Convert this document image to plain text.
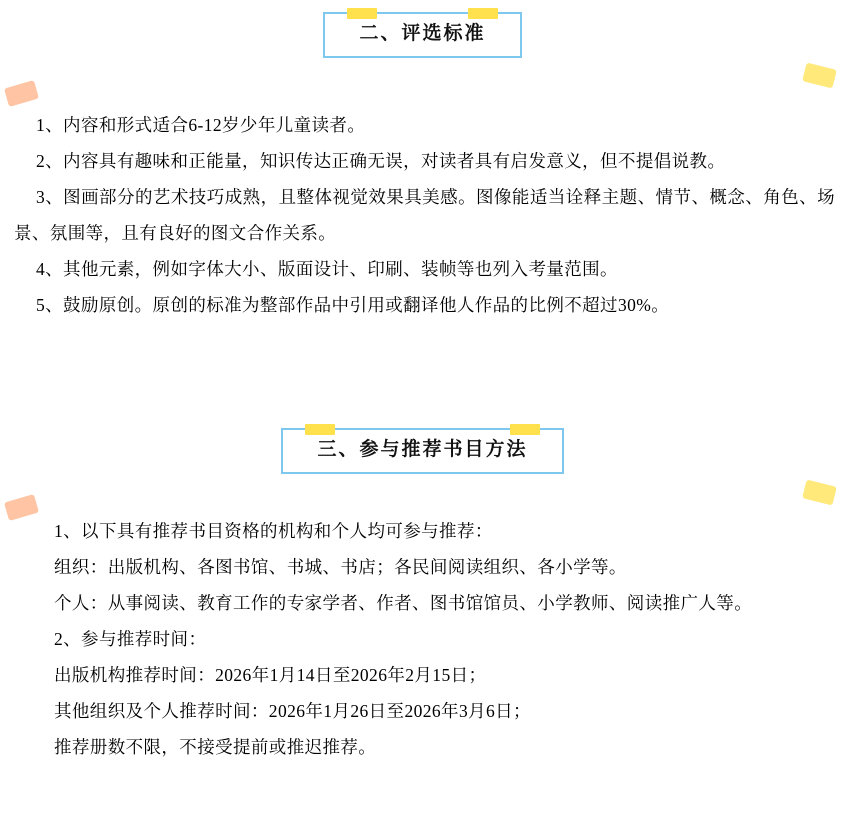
二、评选标准

1、内容和形式适合6-12岁少年儿童读者。

2、内容具有趣味和正能量，知识传达正确无误，对读者具有启发意义，但不提倡说教。

3、图画部分的艺术技巧成熟，且整体视觉效果具美感。图像能适当诠释主题、情节、概念、角色、场景、氛围等，且有良好的图文合作关系。

4、其他元素，例如字体大小、版面设计、印刷、装帧等也列入考量范围。

5、鼓励原创。原创的标准为整部作品中引用或翻译他人作品的比例不超过30%。

三、参与推荐书目方法

1、以下具有推荐书目资格的机构和个人均可参与推荐：

组织：出版机构、各图书馆、书城、书店；各民间阅读组织、各小学等。

个人：从事阅读、教育工作的专家学者、作者、图书馆馆员、小学教师、阅读推广人等。

2、参与推荐时间：

出版机构推荐时间：2026年1月14日至2026年2月15日；

其他组织及个人推荐时间：2026年1月26日至2026年3月6日；

推荐册数不限，不接受提前或推迟推荐。
